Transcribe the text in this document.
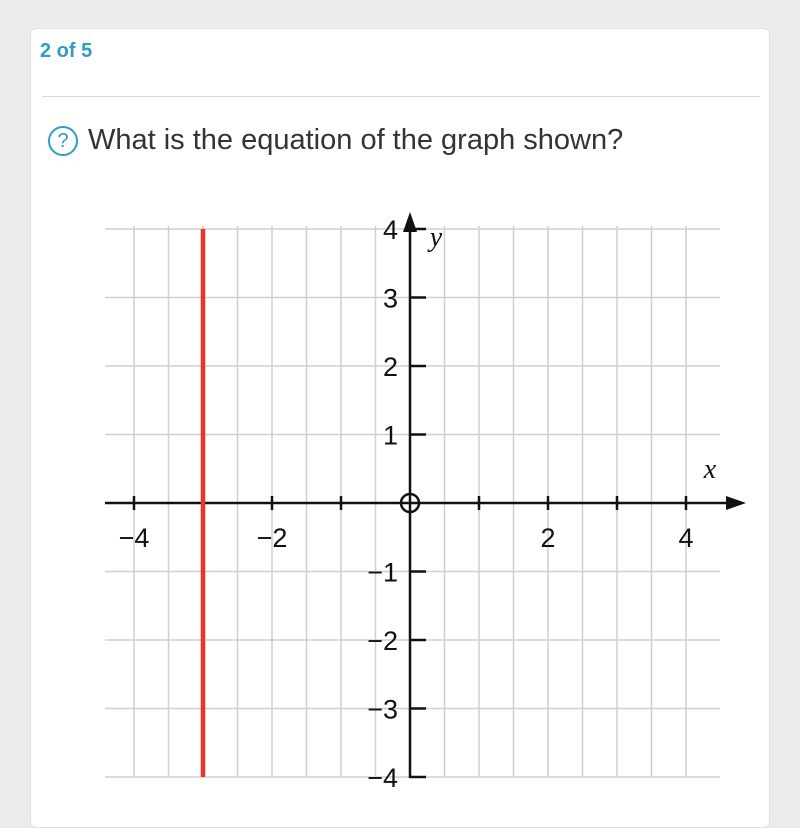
2 of 5
? What is the equation of the graph shown?
−4	−2	2	4
4
3
2
1
−1
−2
−3
−4
x
y
